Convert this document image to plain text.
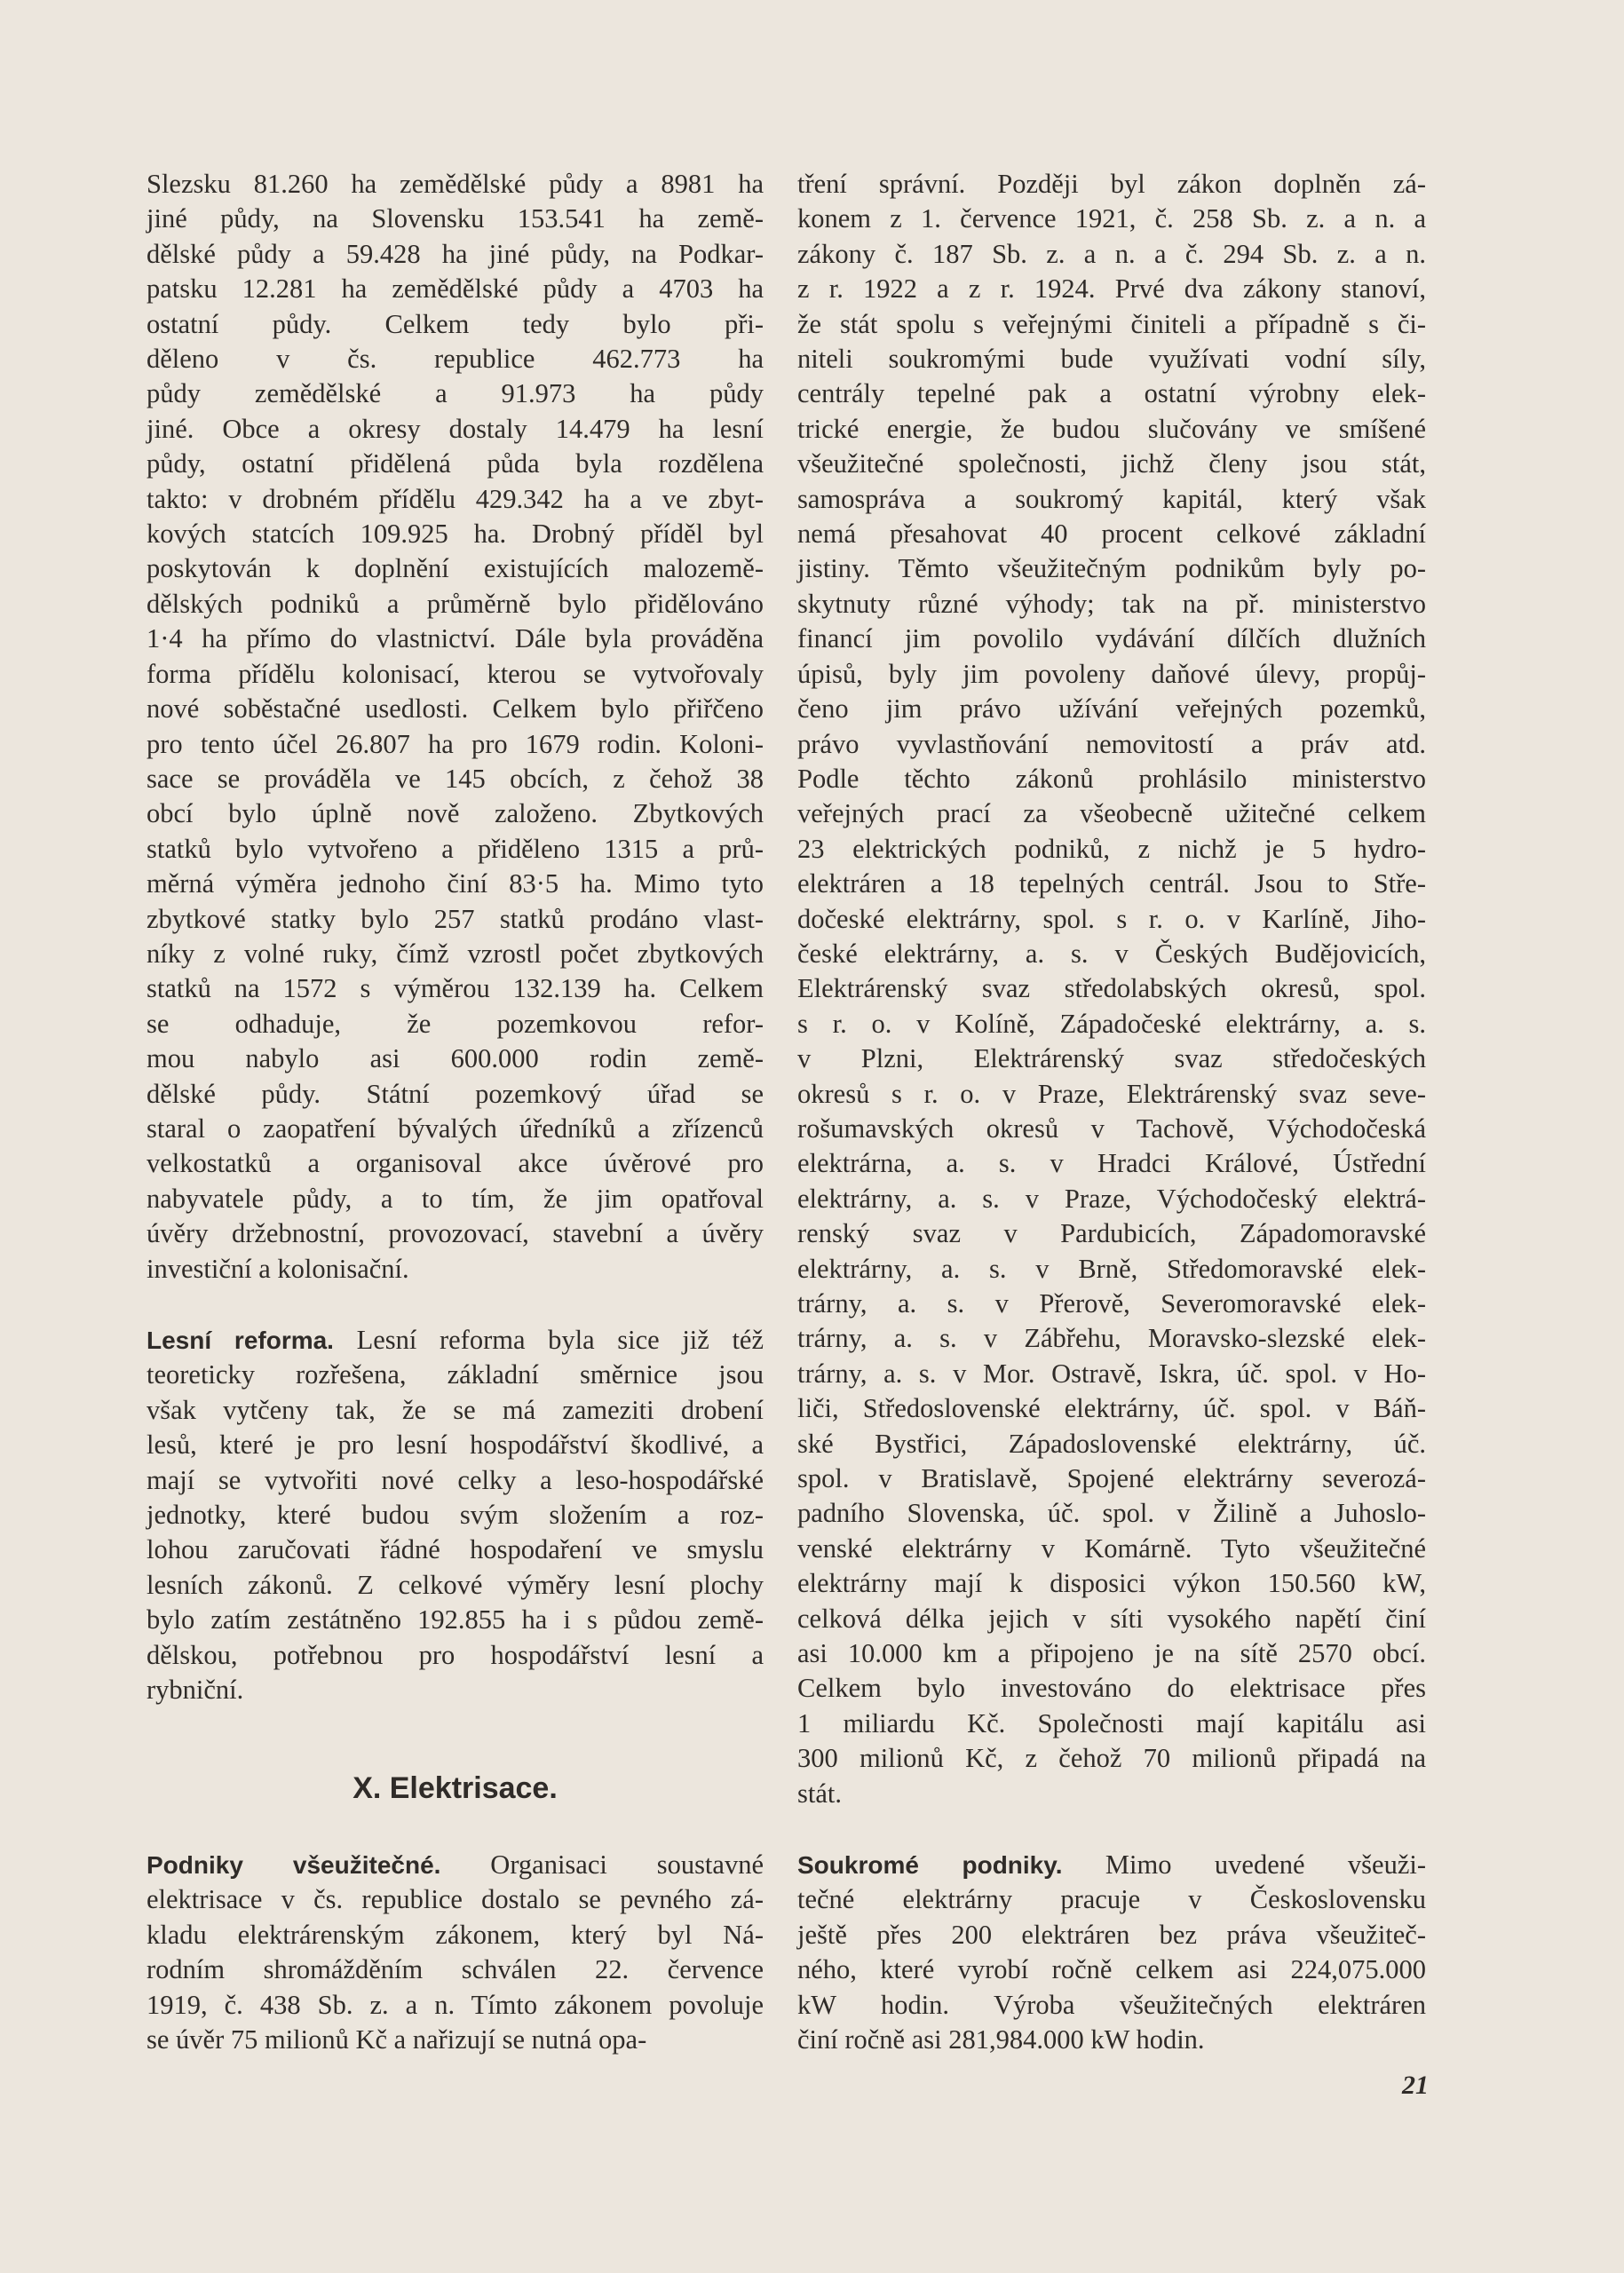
Slezsku 81.260 ha zemědělské půdy a 8981 ha
jiné půdy, na Slovensku 153.541 ha země-
dělské půdy a 59.428 ha jiné půdy, na Podkar-
patsku 12.281 ha zemědělské půdy a 4703 ha
ostatní půdy. Celkem tedy bylo při-
děleno v čs. republice 462.773 ha
půdy zemědělské a 91.973 ha půdy
jiné. Obce a okresy dostaly 14.479 ha lesní
půdy, ostatní přidělená půda byla rozdělena
takto: v drobném přídělu 429.342 ha a ve zbyt-
kových statcích 109.925 ha. Drobný příděl byl
poskytován k doplnění existujících malozemě-
dělských podniků a průměrně bylo přidělováno
1·4 ha přímo do vlastnictví. Dále byla prováděna
forma přídělu kolonisací, kterou se vytvořovaly
nové soběstačné usedlosti. Celkem bylo přiřčeno
pro tento účel 26.807 ha pro 1679 rodin. Koloni-
sace se prováděla ve 145 obcích, z čehož 38
obcí bylo úplně nově založeno. Zbytkových
statků bylo vytvořeno a přiděleno 1315 a prů-
měrná výměra jednoho činí 83·5 ha. Mimo tyto
zbytkové statky bylo 257 statků prodáno vlast-
níky z volné ruky, čímž vzrostl počet zbytkových
statků na 1572 s výměrou 132.139 ha. Celkem
se odhaduje, že pozemkovou refor-
mou nabylo asi 600.000 rodin země-
dělské půdy. Státní pozemkový úřad se
staral o zaopatření bývalých úředníků a zřízenců
velkostatků a organisoval akce úvěrové pro
nabyvatele půdy, a to tím, že jim opatřoval
úvěry držebnostní, provozovací, stavební a úvěry
investiční a kolonisační.

Lesní reforma. Lesní reforma byla sice již též
teoreticky rozřešena, základní směrnice jsou
však vytčeny tak, že se má zameziti drobení
lesů, které je pro lesní hospodářství škodlivé, a
mají se vytvořiti nové celky a leso-hospodářské
jednotky, které budou svým složením a roz-
lohou zaručovati řádné hospodaření ve smyslu
lesních zákonů. Z celkové výměry lesní plochy
bylo zatím zestátněno 192.855 ha i s půdou země-
dělskou, potřebnou pro hospodářství lesní a
rybniční.

Podniky všeužitečné. Organisaci soustavné
elektrisace v čs. republice dostalo se pevného zá-
kladu elektrárenským zákonem, který byl Ná-
rodním shromážděním schválen 22. července
1919, č. 438 Sb. z. a n. Tímto zákonem povoluje
se úvěr 75 milionů Kč a nařizují se nutná opa-

X. Elektrisace.

tření správní. Později byl zákon doplněn zá-
konem z 1. července 1921, č. 258 Sb. z. a n. a
zákony č. 187 Sb. z. a n. a č. 294 Sb. z. a n.
z r. 1922 a z r. 1924. Prvé dva zákony stanoví,
že stát spolu s veřejnými činiteli a případně s či-
niteli soukromými bude využívati vodní síly,
centrály tepelné pak a ostatní výrobny elek-
trické energie, že budou slučovány ve smíšené
všeužitečné společnosti, jichž členy jsou stát,
samospráva a soukromý kapitál, který však
nemá přesahovat 40 procent celkové základní
jistiny. Těmto všeužitečným podnikům byly po-
skytnuty různé výhody; tak na př. ministerstvo
financí jim povolilo vydávání dílčích dlužních
úpisů, byly jim povoleny daňové úlevy, propůj-
čeno jim právo užívání veřejných pozemků,
právo vyvlastňování nemovitostí a práv atd.
Podle těchto zákonů prohlásilo ministerstvo
veřejných prací za všeobecně užitečné celkem
23 elektrických podniků, z nichž je 5 hydro-
elektráren a 18 tepelných centrál. Jsou to Stře-
dočeské elektrárny, spol. s r. o. v Karlíně, Jiho-
české elektrárny, a. s. v Českých Budějovicích,
Elektrárenský svaz středolabských okresů, spol.
s r. o. v Kolíně, Západočeské elektrárny, a. s.
v Plzni, Elektrárenský svaz středočeských
okresů s r. o. v Praze, Elektrárenský svaz seve-
rošumavských okresů v Tachově, Východočeská
elektrárna, a. s. v Hradci Králové, Ústřední
elektrárny, a. s. v Praze, Východočeský elektrá-
renský svaz v Pardubicích, Západomoravské
elektrárny, a. s. v Brně, Středomoravské elek-
trárny, a. s. v Přerově, Severomoravské elek-
trárny, a. s. v Zábřehu, Moravsko-slezské elek-
trárny, a. s. v Mor. Ostravě, Iskra, úč. spol. v Ho-
liči, Středoslovenské elektrárny, úč. spol. v Báň-
ské Bystřici, Západoslovenské elektrárny, úč.
spol. v Bratislavě, Spojené elektrárny severozá-
padního Slovenska, úč. spol. v Žilině a Juhoslo-
venské elektrárny v Komárně. Tyto všeužitečné
elektrárny mají k disposici výkon 150.560 kW,
celková délka jejich v síti vysokého napětí činí
asi 10.000 km a připojeno je na sítě 2570 obcí.
Celkem bylo investováno do elektrisace přes
1 miliardu Kč. Společnosti mají kapitálu asi
300 milionů Kč, z čehož 70 milionů připadá na
stát.

Soukromé podniky. Mimo uvedené všeuži-
tečné elektrárny pracuje v Československu
ještě přes 200 elektráren bez práva všeužiteč-
ného, které vyrobí ročně celkem asi 224,075.000
kW hodin. Výroba všeužitečných elektráren
činí ročně asi 281,984.000 kW hodin.

21
